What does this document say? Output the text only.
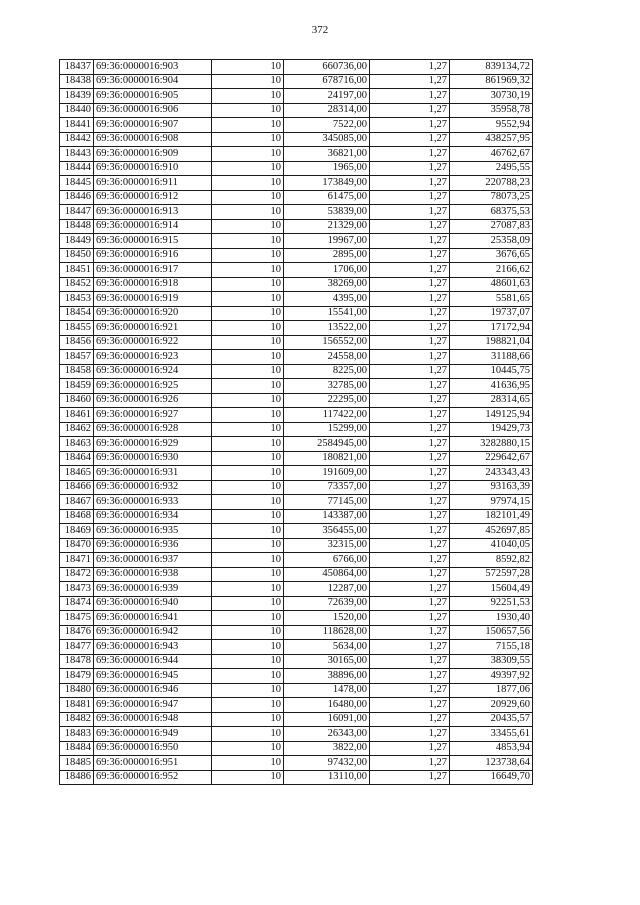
372
18437	69:36:0000016:903	10	660736,00	1,27	839134,72
18438	69:36:0000016:904	10	678716,00	1,27	861969,32
18439	69:36:0000016:905	10	24197,00	1,27	30730,19
18440	69:36:0000016:906	10	28314,00	1,27	35958,78
18441	69:36:0000016:907	10	7522,00	1,27	9552,94
18442	69:36:0000016:908	10	345085,00	1,27	438257,95
18443	69:36:0000016:909	10	36821,00	1,27	46762,67
18444	69:36:0000016:910	10	1965,00	1,27	2495,55
18445	69:36:0000016:911	10	173849,00	1,27	220788,23
18446	69:36:0000016:912	10	61475,00	1,27	78073,25
18447	69:36:0000016:913	10	53839,00	1,27	68375,53
18448	69:36:0000016:914	10	21329,00	1,27	27087,83
18449	69:36:0000016:915	10	19967,00	1,27	25358,09
18450	69:36:0000016:916	10	2895,00	1,27	3676,65
18451	69:36:0000016:917	10	1706,00	1,27	2166,62
18452	69:36:0000016:918	10	38269,00	1,27	48601,63
18453	69:36:0000016:919	10	4395,00	1,27	5581,65
18454	69:36:0000016:920	10	15541,00	1,27	19737,07
18455	69:36:0000016:921	10	13522,00	1,27	17172,94
18456	69:36:0000016:922	10	156552,00	1,27	198821,04
18457	69:36:0000016:923	10	24558,00	1,27	31188,66
18458	69:36:0000016:924	10	8225,00	1,27	10445,75
18459	69:36:0000016:925	10	32785,00	1,27	41636,95
18460	69:36:0000016:926	10	22295,00	1,27	28314,65
18461	69:36:0000016:927	10	117422,00	1,27	149125,94
18462	69:36:0000016:928	10	15299,00	1,27	19429,73
18463	69:36:0000016:929	10	2584945,00	1,27	3282880,15
18464	69:36:0000016:930	10	180821,00	1,27	229642,67
18465	69:36:0000016:931	10	191609,00	1,27	243343,43
18466	69:36:0000016:932	10	73357,00	1,27	93163,39
18467	69:36:0000016:933	10	77145,00	1,27	97974,15
18468	69:36:0000016:934	10	143387,00	1,27	182101,49
18469	69:36:0000016:935	10	356455,00	1,27	452697,85
18470	69:36:0000016:936	10	32315,00	1,27	41040,05
18471	69:36:0000016:937	10	6766,00	1,27	8592,82
18472	69:36:0000016:938	10	450864,00	1,27	572597,28
18473	69:36:0000016:939	10	12287,00	1,27	15604,49
18474	69:36:0000016:940	10	72639,00	1,27	92251,53
18475	69:36:0000016:941	10	1520,00	1,27	1930,40
18476	69:36:0000016:942	10	118628,00	1,27	150657,56
18477	69:36:0000016:943	10	5634,00	1,27	7155,18
18478	69:36:0000016:944	10	30165,00	1,27	38309,55
18479	69:36:0000016:945	10	38896,00	1,27	49397,92
18480	69:36:0000016:946	10	1478,00	1,27	1877,06
18481	69:36:0000016:947	10	16480,00	1,27	20929,60
18482	69:36:0000016:948	10	16091,00	1,27	20435,57
18483	69:36:0000016:949	10	26343,00	1,27	33455,61
18484	69:36:0000016:950	10	3822,00	1,27	4853,94
18485	69:36:0000016:951	10	97432,00	1,27	123738,64
18486	69:36:0000016:952	10	13110,00	1,27	16649,70
